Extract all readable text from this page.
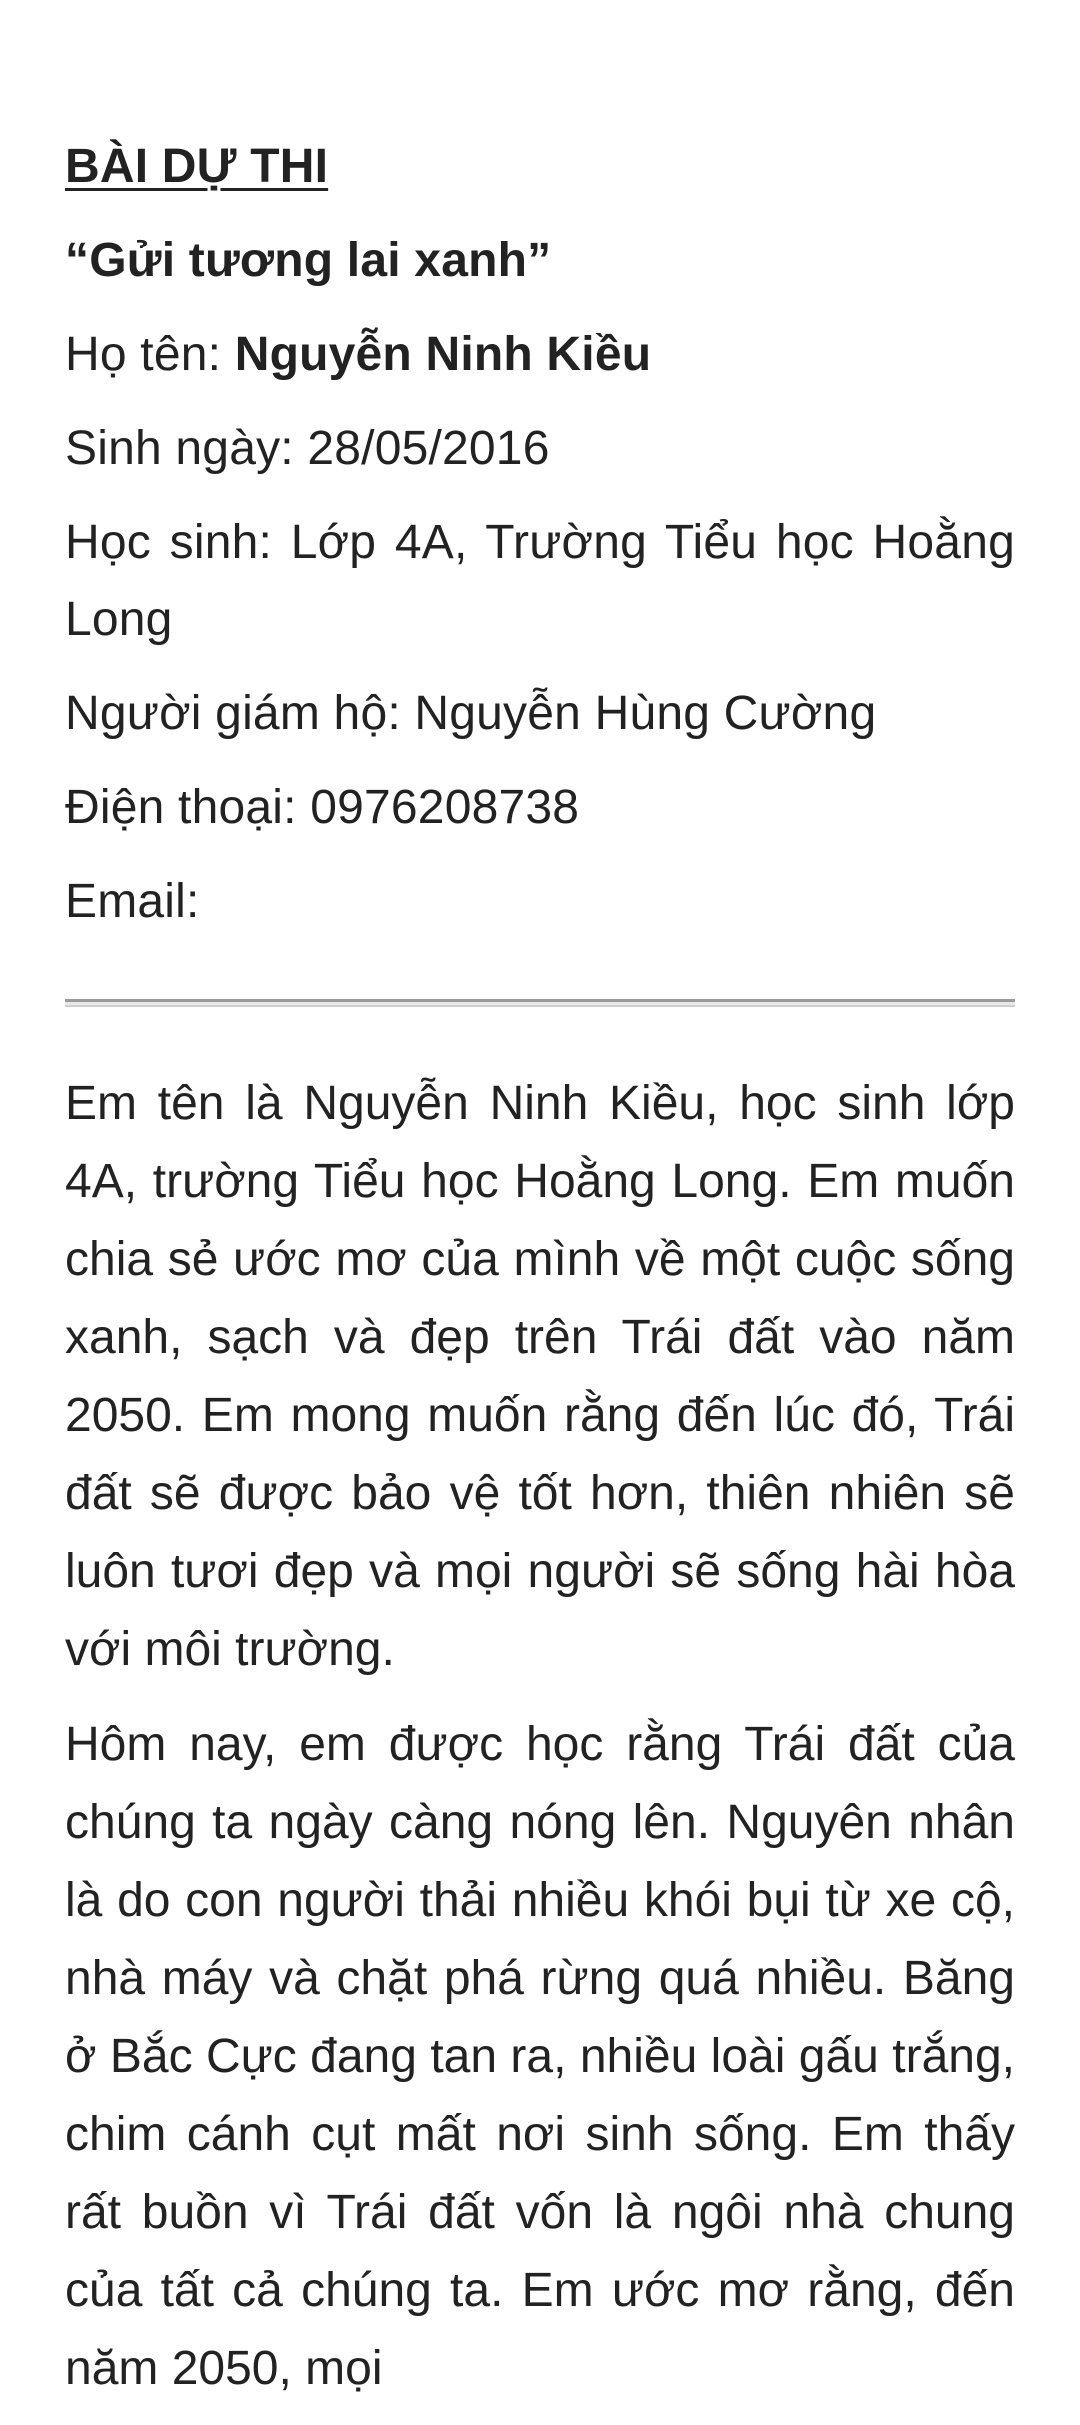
BÀI DỰ THI
“Gửi tương lai xanh”
Họ tên: Nguyễn Ninh Kiều
Sinh ngày: 28/05/2016
Học sinh: Lớp 4A, Trường Tiểu học Hoằng Long
Người giám hộ: Nguyễn Hùng Cường
Điện thoại: 0976208738
Email:

Em tên là Nguyễn Ninh Kiều, học sinh lớp 4A, trường Tiểu học Hoằng Long. Em muốn chia sẻ ước mơ của mình về một cuộc sống xanh, sạch và đẹp trên Trái đất vào năm 2050. Em mong muốn rằng đến lúc đó, Trái đất sẽ được bảo vệ tốt hơn, thiên nhiên sẽ luôn tươi đẹp và mọi người sẽ sống hài hòa với môi trường.

Hôm nay, em được học rằng Trái đất của chúng ta ngày càng nóng lên. Nguyên nhân là do con người thải nhiều khói bụi từ xe cộ, nhà máy và chặt phá rừng quá nhiều. Băng ở Bắc Cực đang tan ra, nhiều loài gấu trắng, chim cánh cụt mất nơi sinh sống. Em thấy rất buồn vì Trái đất vốn là ngôi nhà chung của tất cả chúng ta. Em ước mơ rằng, đến năm 2050, mọi
